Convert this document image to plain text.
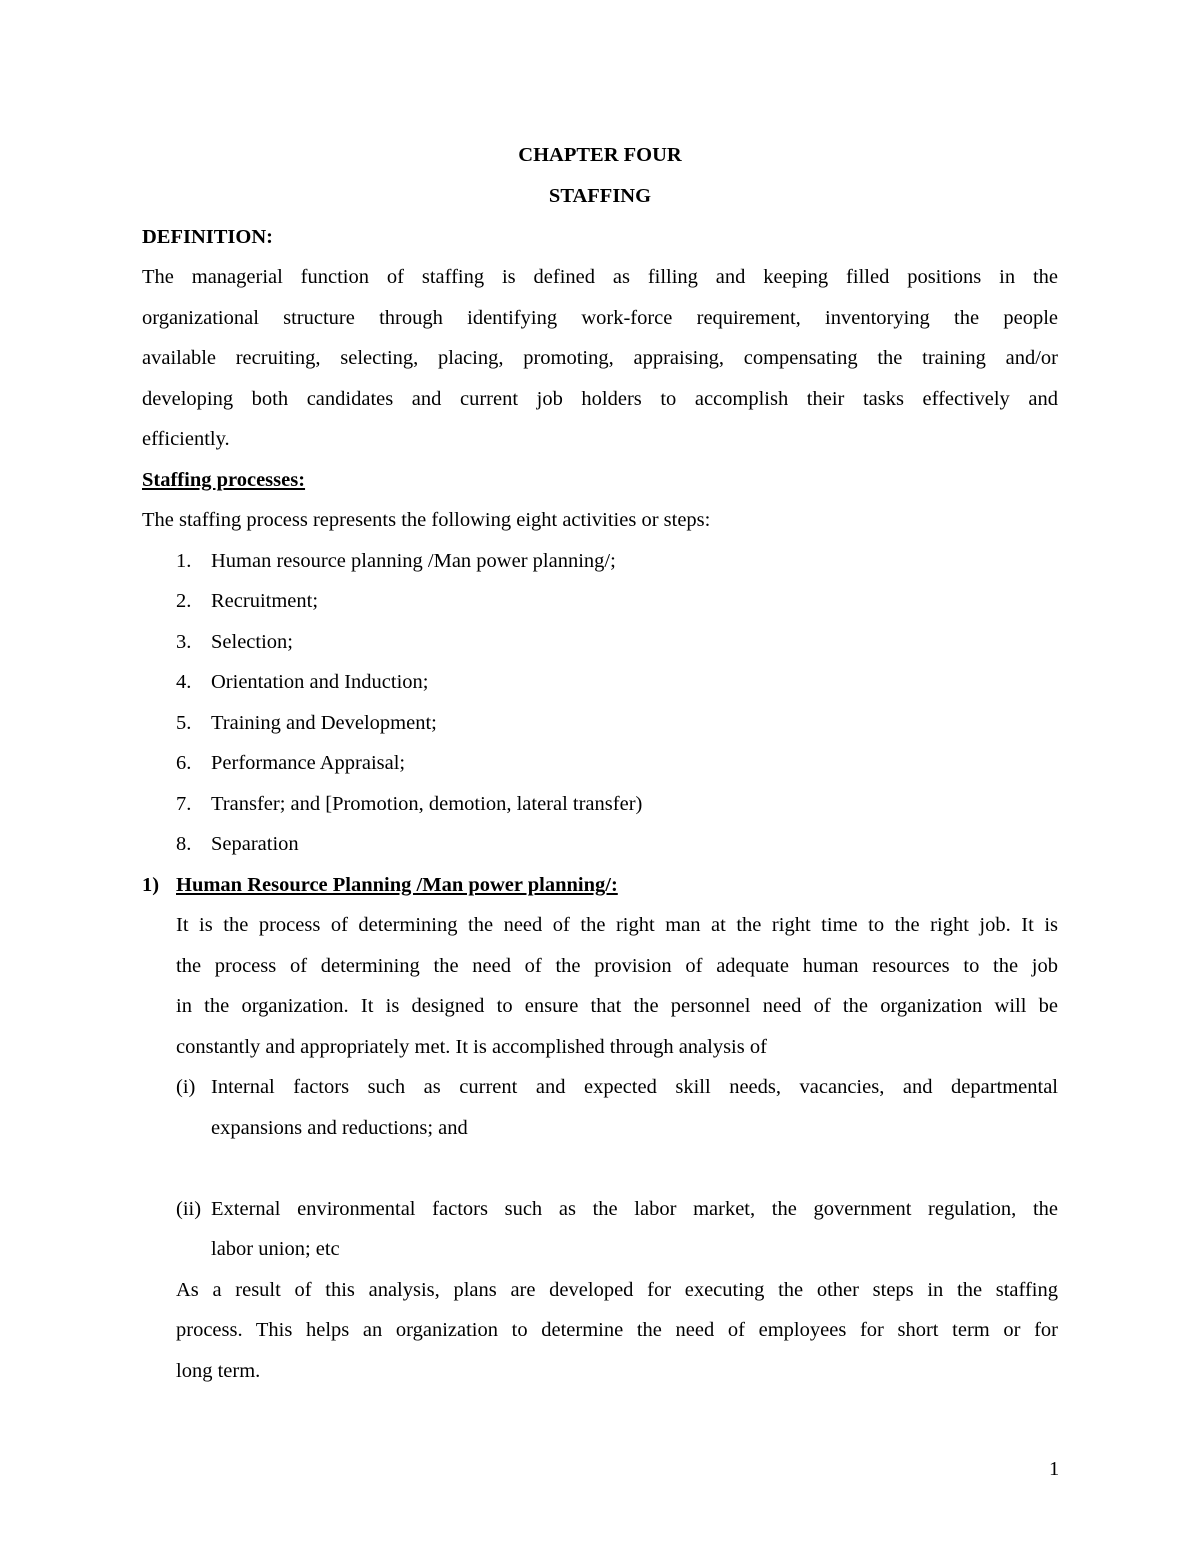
CHAPTER FOUR
STAFFING
DEFINITION:
The managerial function of staffing is defined as filling and keeping filled positions in the
organizational structure through identifying work-force requirement, inventorying the people
available recruiting, selecting, placing, promoting, appraising, compensating the training and/or
developing both candidates and current job holders to accomplish their tasks effectively and
efficiently.
Staffing processes:
The staffing process represents the following eight activities or steps:
1. Human resource planning /Man power planning/;
2. Recruitment;
3. Selection;
4. Orientation and Induction;
5. Training and Development;
6. Performance Appraisal;
7. Transfer; and [Promotion, demotion, lateral transfer)
8. Separation
1) Human Resource Planning /Man power planning/:
It is the process of determining the need of the right man at the right time to the right job. It is
the process of determining the need of the provision of adequate human resources to the job
in the organization. It is designed to ensure that the personnel need of the organization will be
constantly and appropriately met. It is accomplished through analysis of
(i) Internal factors such as current and expected skill needs, vacancies, and departmental
expansions and reductions; and
(ii) External environmental factors such as the labor market, the government regulation, the
labor union; etc
As a result of this analysis, plans are developed for executing the other steps in the staffing
process. This helps an organization to determine the need of employees for short term or for
long term.
1
